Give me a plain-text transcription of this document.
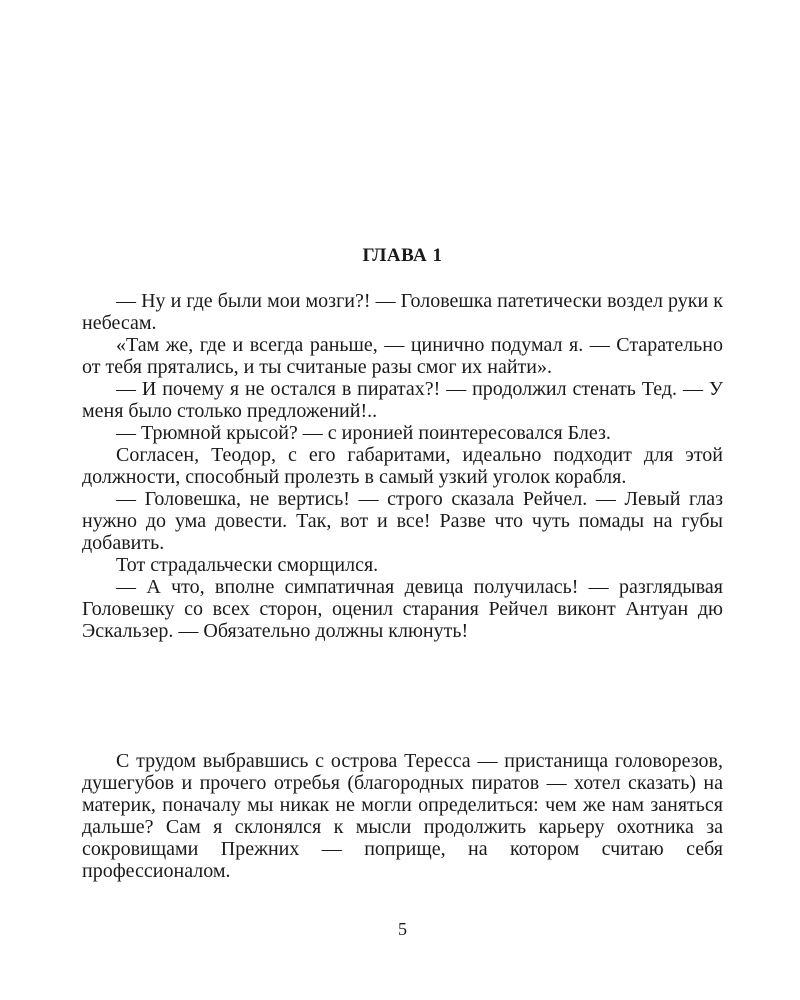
ГЛАВА 1

— Ну и где были мои мозги?! — Головешка патетически воздел руки к небесам.

«Там же, где и всегда раньше, — цинично подумал я. — Старательно от тебя прятались, и ты считаные разы смог их найти».

— И почему я не остался в пиратах?! — продолжил стенать Тед. — У меня было столько предложений!..

— Трюмной крысой? — с иронией поинтересовался Блез.

Согласен, Теодор, с его габаритами, идеально подходит для этой должности, способный пролезть в самый узкий уголок корабля.

— Головешка, не вертись! — строго сказала Рейчел. — Левый глаз нужно до ума довести. Так, вот и все! Разве что чуть помады на губы добавить.

Тот страдальчески сморщился.

— А что, вполне симпатичная девица получилась! — разглядывая Головешку со всех сторон, оценил старания Рейчел виконт Антуан дю Эскальзер. — Обязательно должны клюнуть!

С трудом выбравшись с острова Тересса — пристанища головорезов, душегубов и прочего отребья (благородных пиратов — хотел сказать) на материк, поначалу мы никак не могли определиться: чем же нам заняться дальше? Сам я склонялся к мысли продолжить карьеру охотника за сокровищами Прежних — поприще, на котором считаю себя профессионалом.

5
